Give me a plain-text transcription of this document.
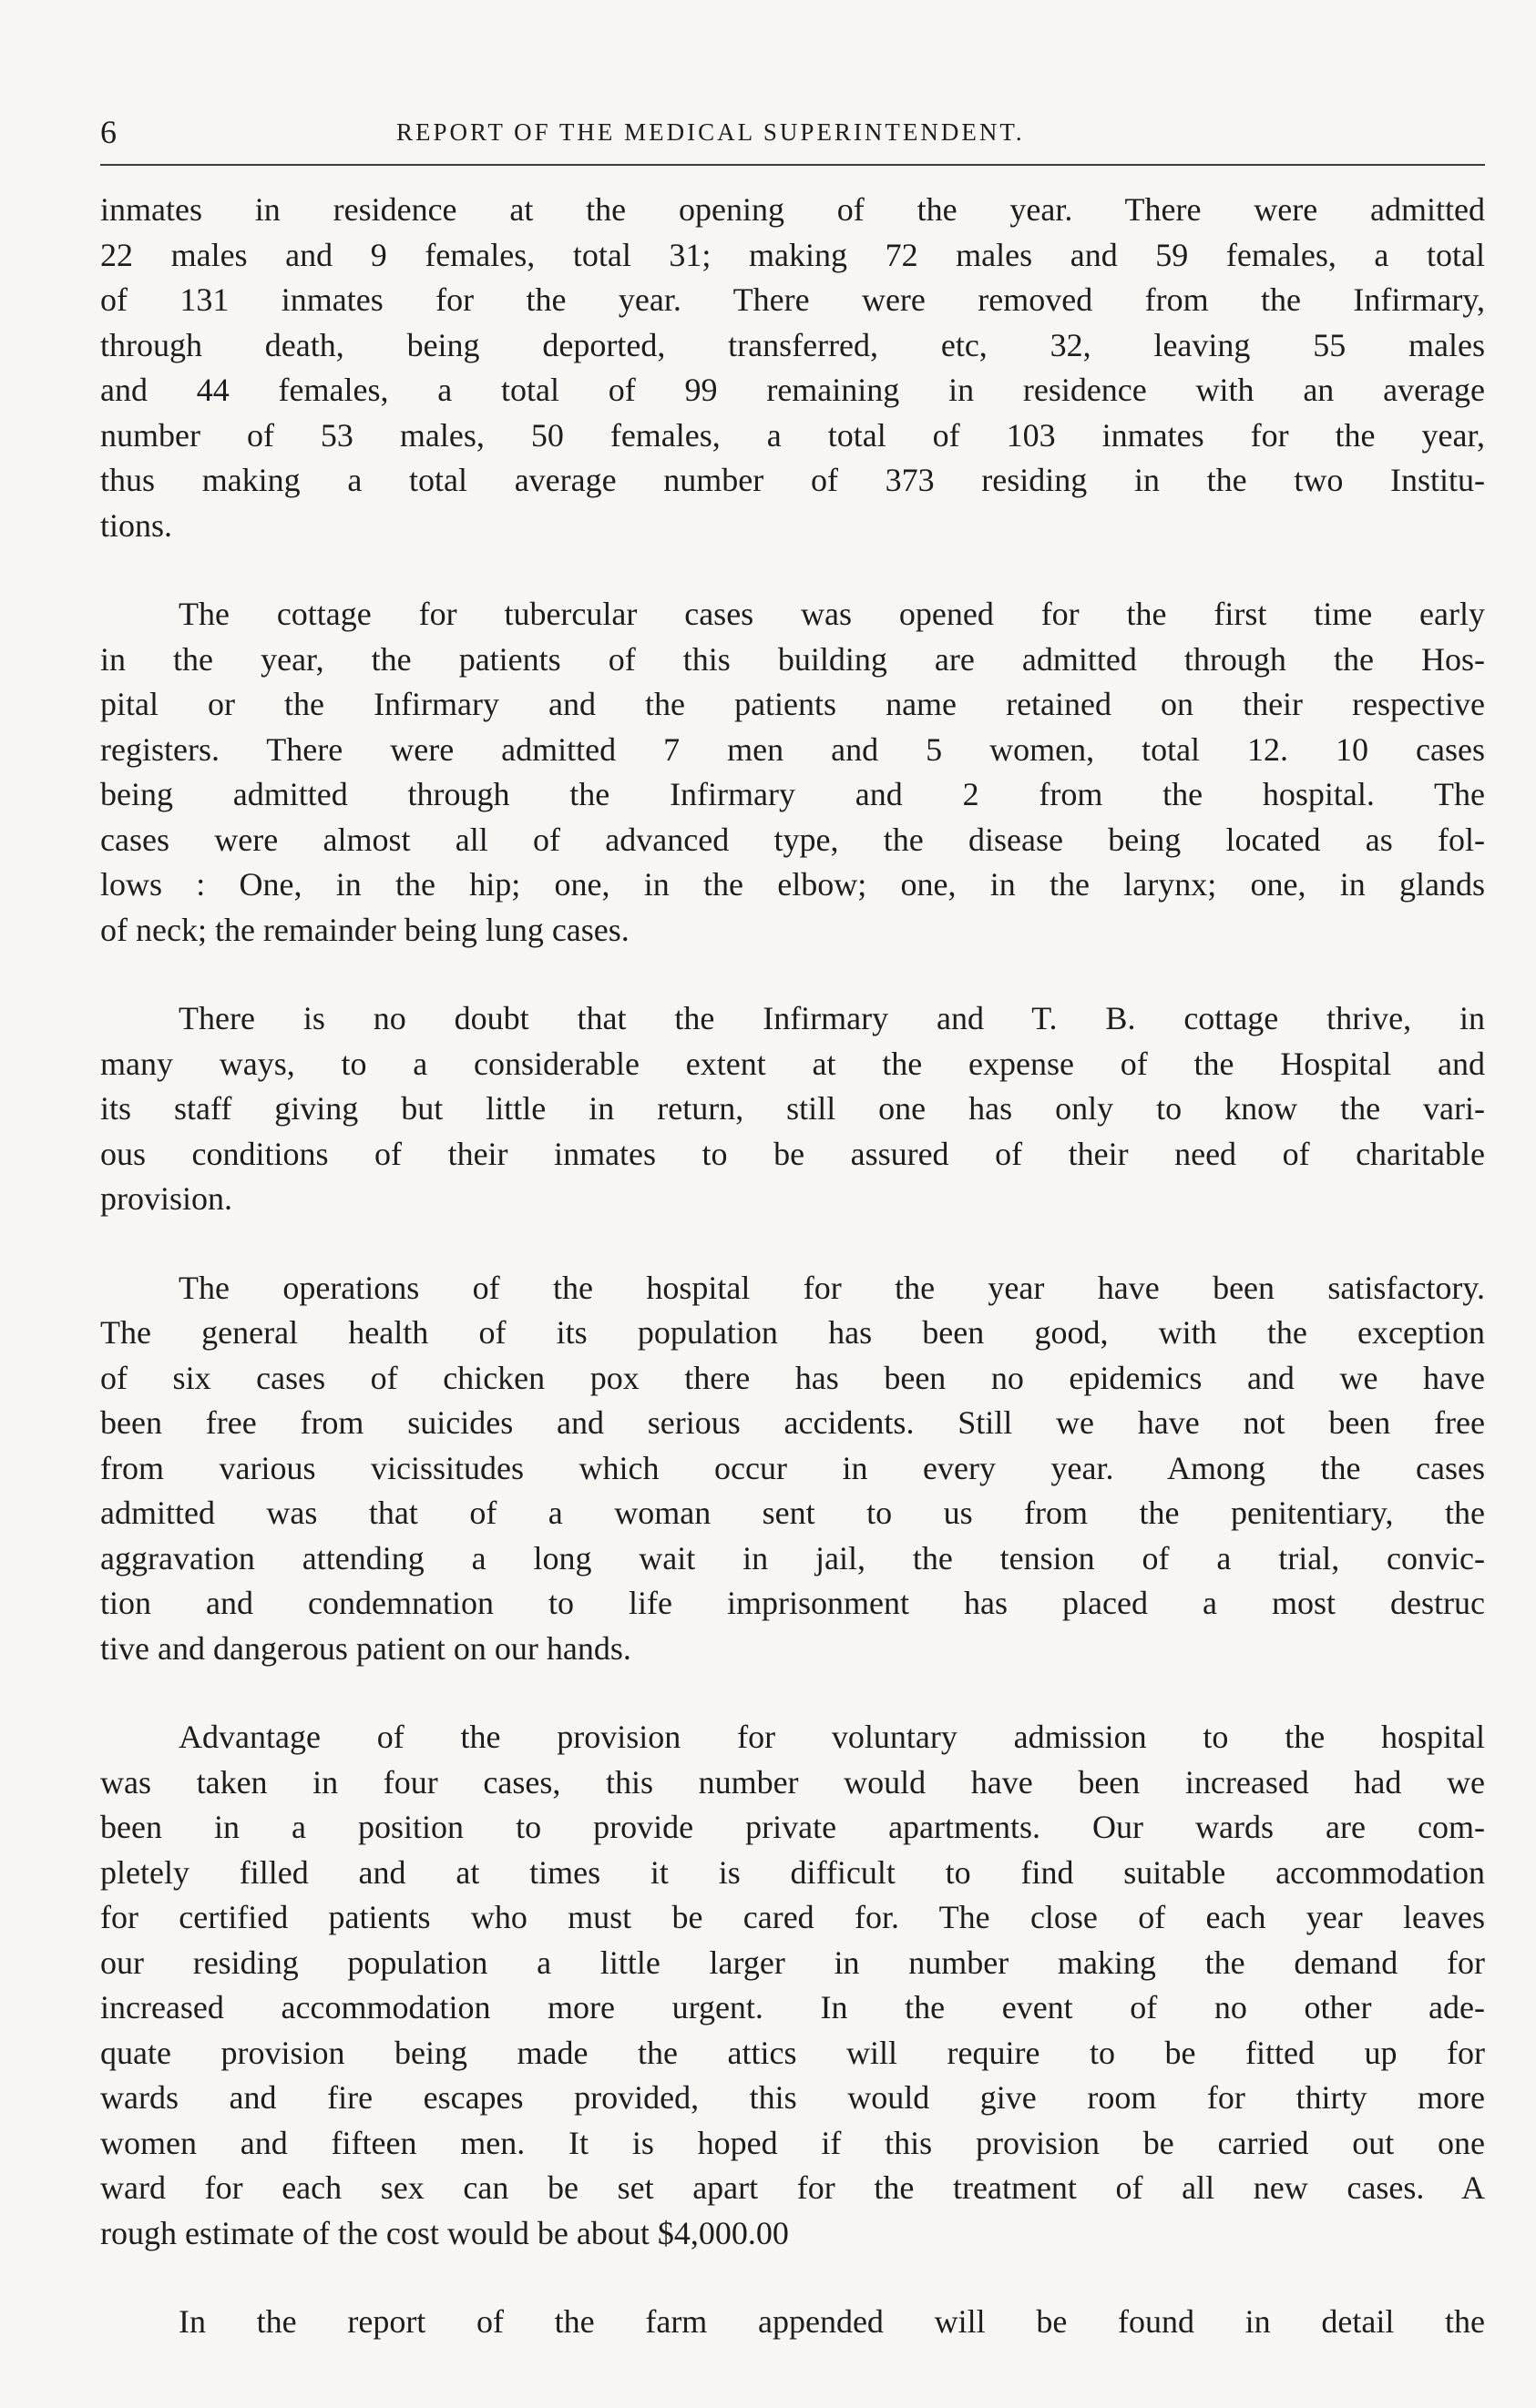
6	REPORT OF THE MEDICAL SUPERINTENDENT.

inmates in residence at the opening of the year. There were admitted
22 males and 9 females, total 31; making 72 males and 59 females, a total
of 131 inmates for the year. There were removed from the Infirmary,
through death, being deported, transferred, etc, 32, leaving 55 males
and 44 females, a total of 99 remaining in residence with an average
number of 53 males, 50 females, a total of 103 inmates for the year,
thus making a total average number of 373 residing in the two Institu-
tions.

The cottage for tubercular cases was opened for the first time early
in the year, the patients of this building are admitted through the Hos-
pital or the Infirmary and the patients name retained on their respective
registers. There were admitted 7 men and 5 women, total 12. 10 cases
being admitted through the Infirmary and 2 from the hospital. The
cases were almost all of advanced type, the disease being located as fol-
lows : One, in the hip; one, in the elbow; one, in the larynx; one, in glands
of neck; the remainder being lung cases.

There is no doubt that the Infirmary and T. B. cottage thrive, in
many ways, to a considerable extent at the expense of the Hospital and
its staff giving but little in return, still one has only to know the vari-
ous conditions of their inmates to be assured of their need of charitable
provision.

The operations of the hospital for the year have been satisfactory.
The general health of its population has been good, with the exception
of six cases of chicken pox there has been no epidemics and we have
been free from suicides and serious accidents. Still we have not been free
from various vicissitudes which occur in every year. Among the cases
admitted was that of a woman sent to us from the penitentiary, the
aggravation attending a long wait in jail, the tension of a trial, convic-
tion and condemnation to life imprisonment has placed a most destruc
tive and dangerous patient on our hands.

Advantage of the provision for voluntary admission to the hospital
was taken in four cases, this number would have been increased had we
been in a position to provide private apartments. Our wards are com-
pletely filled and at times it is difficult to find suitable accommodation
for certified patients who must be cared for. The close of each year leaves
our residing population a little larger in number making the demand for
increased accommodation more urgent. In the event of no other ade-
quate provision being made the attics will require to be fitted up for
wards and fire escapes provided, this would give room for thirty more
women and fifteen men. It is hoped if this provision be carried out one
ward for each sex can be set apart for the treatment of all new cases. A
rough estimate of the cost would be about $4,000.00

In the report of the farm appended will be found in detail the
